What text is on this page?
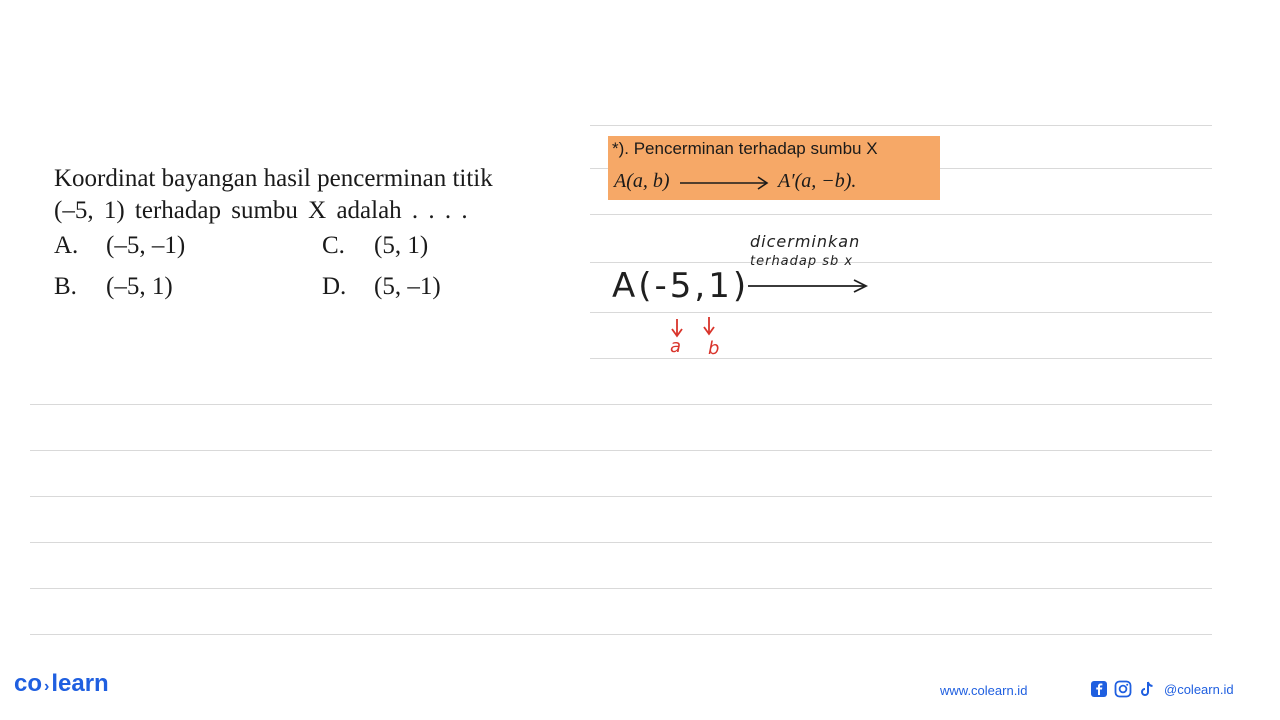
Koordinat bayangan hasil pencerminan titik
(–5, 1) terhadap sumbu X adalah . . . .
A. (–5, –1)
B. (–5, 1)
C. (5, 1)
D. (5, –1)
*). Pencerminan terhadap sumbu X
A(a, b)	A′(a, −b).
A(-5,1)
dicerminkan
terhadap sb x
a b
co ›learn	www.colearn.id	@colearn.id
